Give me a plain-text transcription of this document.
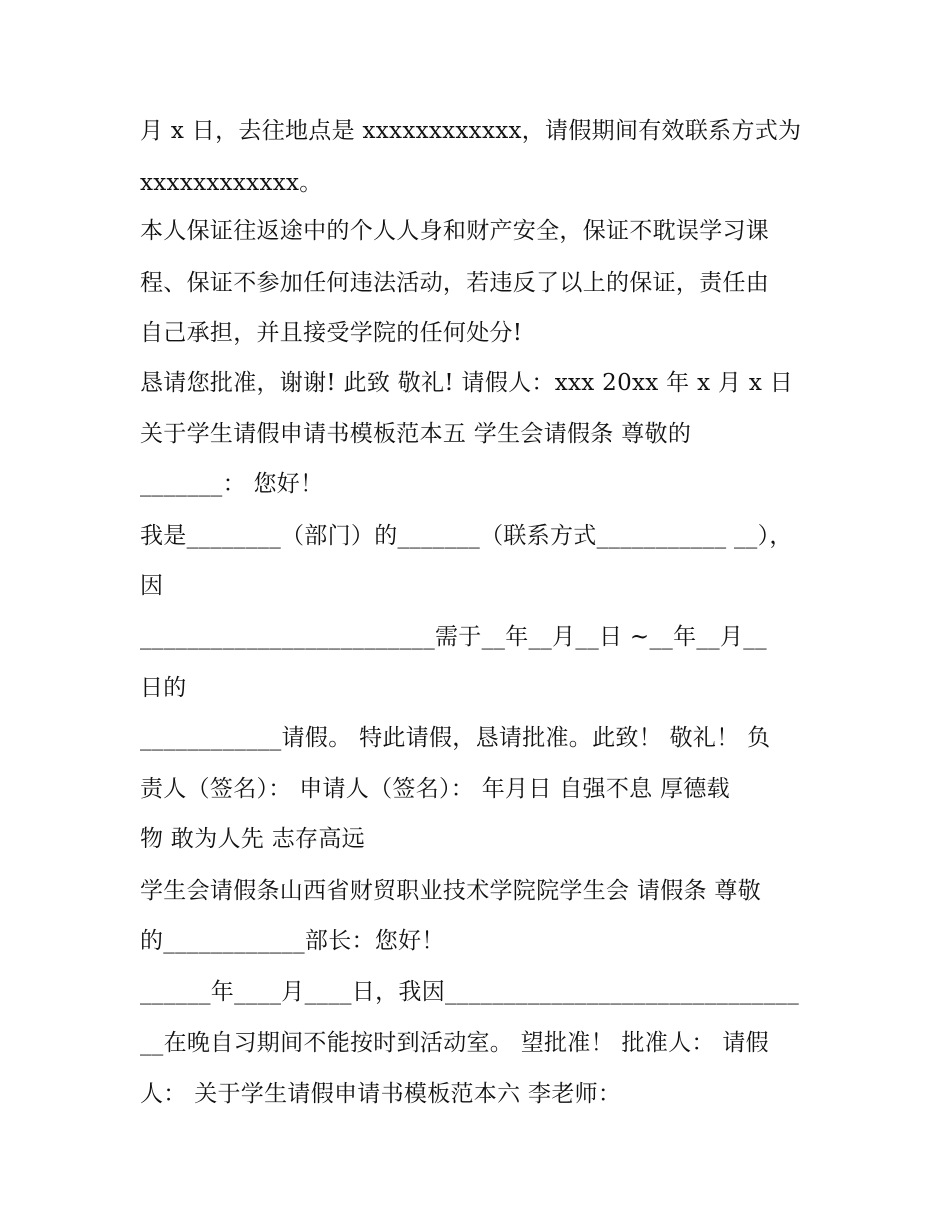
月 x 日，去往地点是 xxxxxxxxxxxx，请假期间有效联系方式为
xxxxxxxxxxxx。
本人保证往返途中的个人人身和财产安全，保证不耽误学习课
程、保证不参加任何违法活动，若违反了以上的保证，责任由
自己承担，并且接受学院的任何处分!
恳请您批准，谢谢! 此致 敬礼! 请假人：xxx 20xx 年 x 月 x 日
关于学生请假申请书模板范本五 学生会请假条 尊敬的
_______： 您好！
我是________（部门）的_______（联系方式___________ __），
因
_________________________需于__年__月__日 ~__年__月__
日的
____________请假。 特此请假，恳请批准。此致！ 敬礼！ 负
责人（签名）： 申请人（签名）： 年月日 自强不息 厚德载
物 敢为人先 志存高远
学生会请假条山西省财贸职业技术学院院学生会 请假条 尊敬
的____________部长：您好！
______年____月____日，我因______________________________
__在晚自习期间不能按时到活动室。 望批准！ 批准人： 请假
人： 关于学生请假申请书模板范本六 李老师：
